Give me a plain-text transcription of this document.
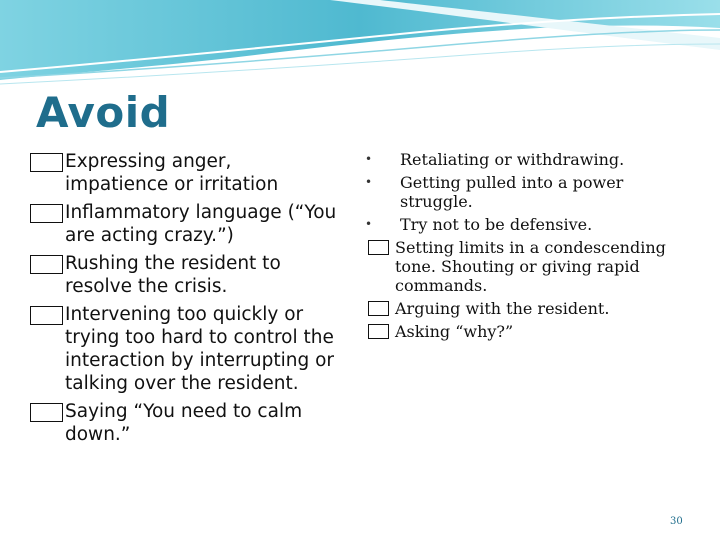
Avoid
Expressing anger, impatience or irritation
Inflammatory language (“You are acting crazy.”)
Rushing the resident to resolve the crisis.
Intervening too quickly or trying too hard to control the interaction by interrupting or talking over the resident.
Saying “You need to calm down.”
• Retaliating or withdrawing.
• Getting pulled into a power struggle.
• Try not to be defensive.
Setting limits in a condescending tone. Shouting or giving rapid commands.
Arguing with the resident.
Asking “why?”
30
